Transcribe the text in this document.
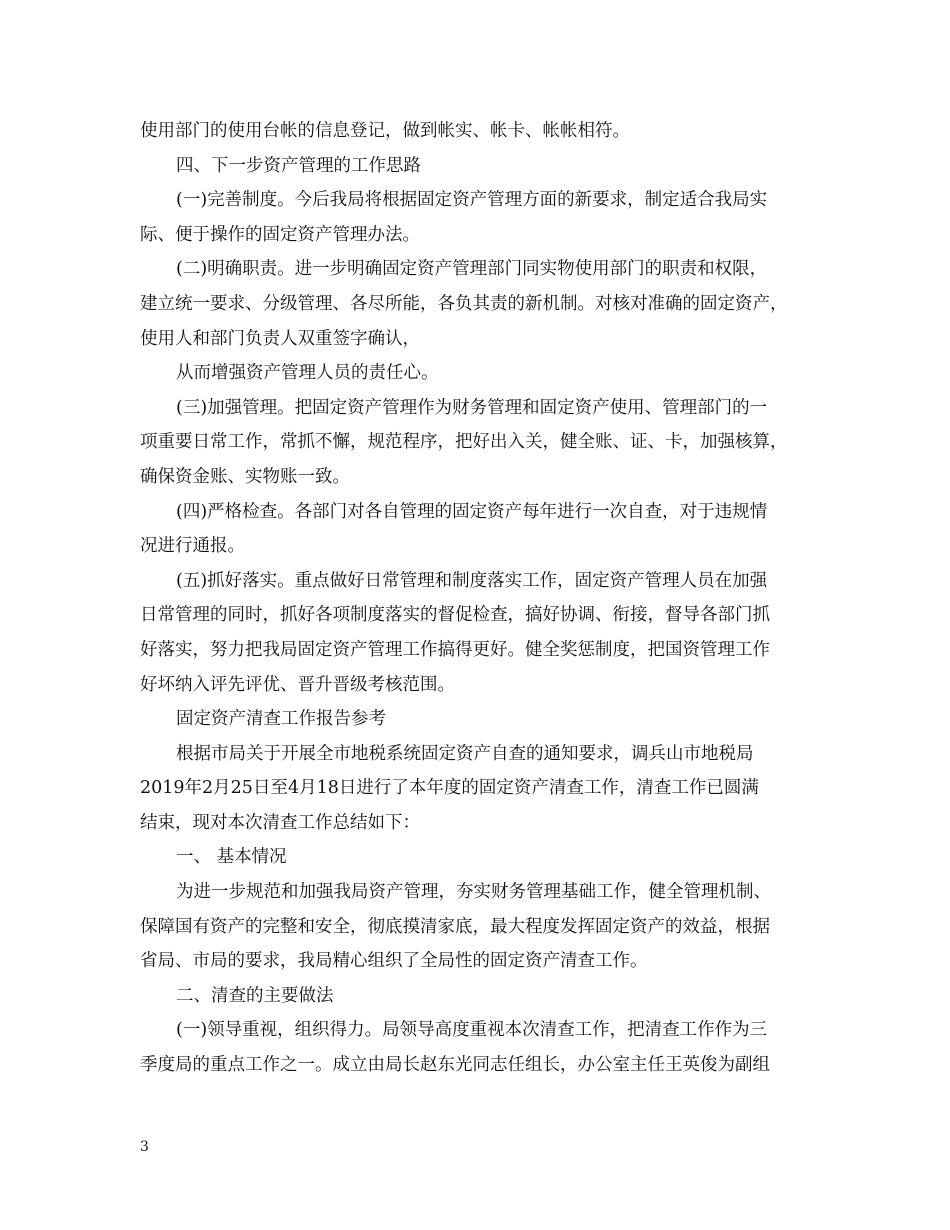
使用部门的使用台帐的信息登记，做到帐实、帐卡、帐帐相符。
四、下一步资产管理的工作思路
(一)完善制度。今后我局将根据固定资产管理方面的新要求，制定适合我局实
际、便于操作的固定资产管理办法。
(二)明确职责。进一步明确固定资产管理部门同实物使用部门的职责和权限，
建立统一要求、分级管理、各尽所能，各负其责的新机制。对核对准确的固定资产，
使用人和部门负责人双重签字确认，
从而增强资产管理人员的责任心。
(三)加强管理。把固定资产管理作为财务管理和固定资产使用、管理部门的一
项重要日常工作，常抓不懈，规范程序，把好出入关，健全账、证、卡，加强核算，
确保资金账、实物账一致。
(四)严格检查。各部门对各自管理的固定资产每年进行一次自查，对于违规情
况进行通报。
(五)抓好落实。重点做好日常管理和制度落实工作，固定资产管理人员在加强
日常管理的同时，抓好各项制度落实的督促检查，搞好协调、衔接，督导各部门抓
好落实，努力把我局固定资产管理工作搞得更好。健全奖惩制度，把国资管理工作
好坏纳入评先评优、晋升晋级考核范围。
固定资产清查工作报告参考
根据市局关于开展全市地税系统固定资产自查的通知要求，调兵山市地税局
2019年2月25日至4月18日进行了本年度的固定资产清查工作，清查工作已圆满
结束，现对本次清查工作总结如下：
一、 基本情况
为进一步规范和加强我局资产管理，夯实财务管理基础工作，健全管理机制、
保障国有资产的完整和安全，彻底摸清家底，最大程度发挥固定资产的效益，根据
省局、市局的要求，我局精心组织了全局性的固定资产清查工作。
二、清查的主要做法
(一)领导重视，组织得力。局领导高度重视本次清查工作，把清查工作作为三
季度局的重点工作之一。成立由局长赵东光同志任组长，办公室主任王英俊为副组
3
